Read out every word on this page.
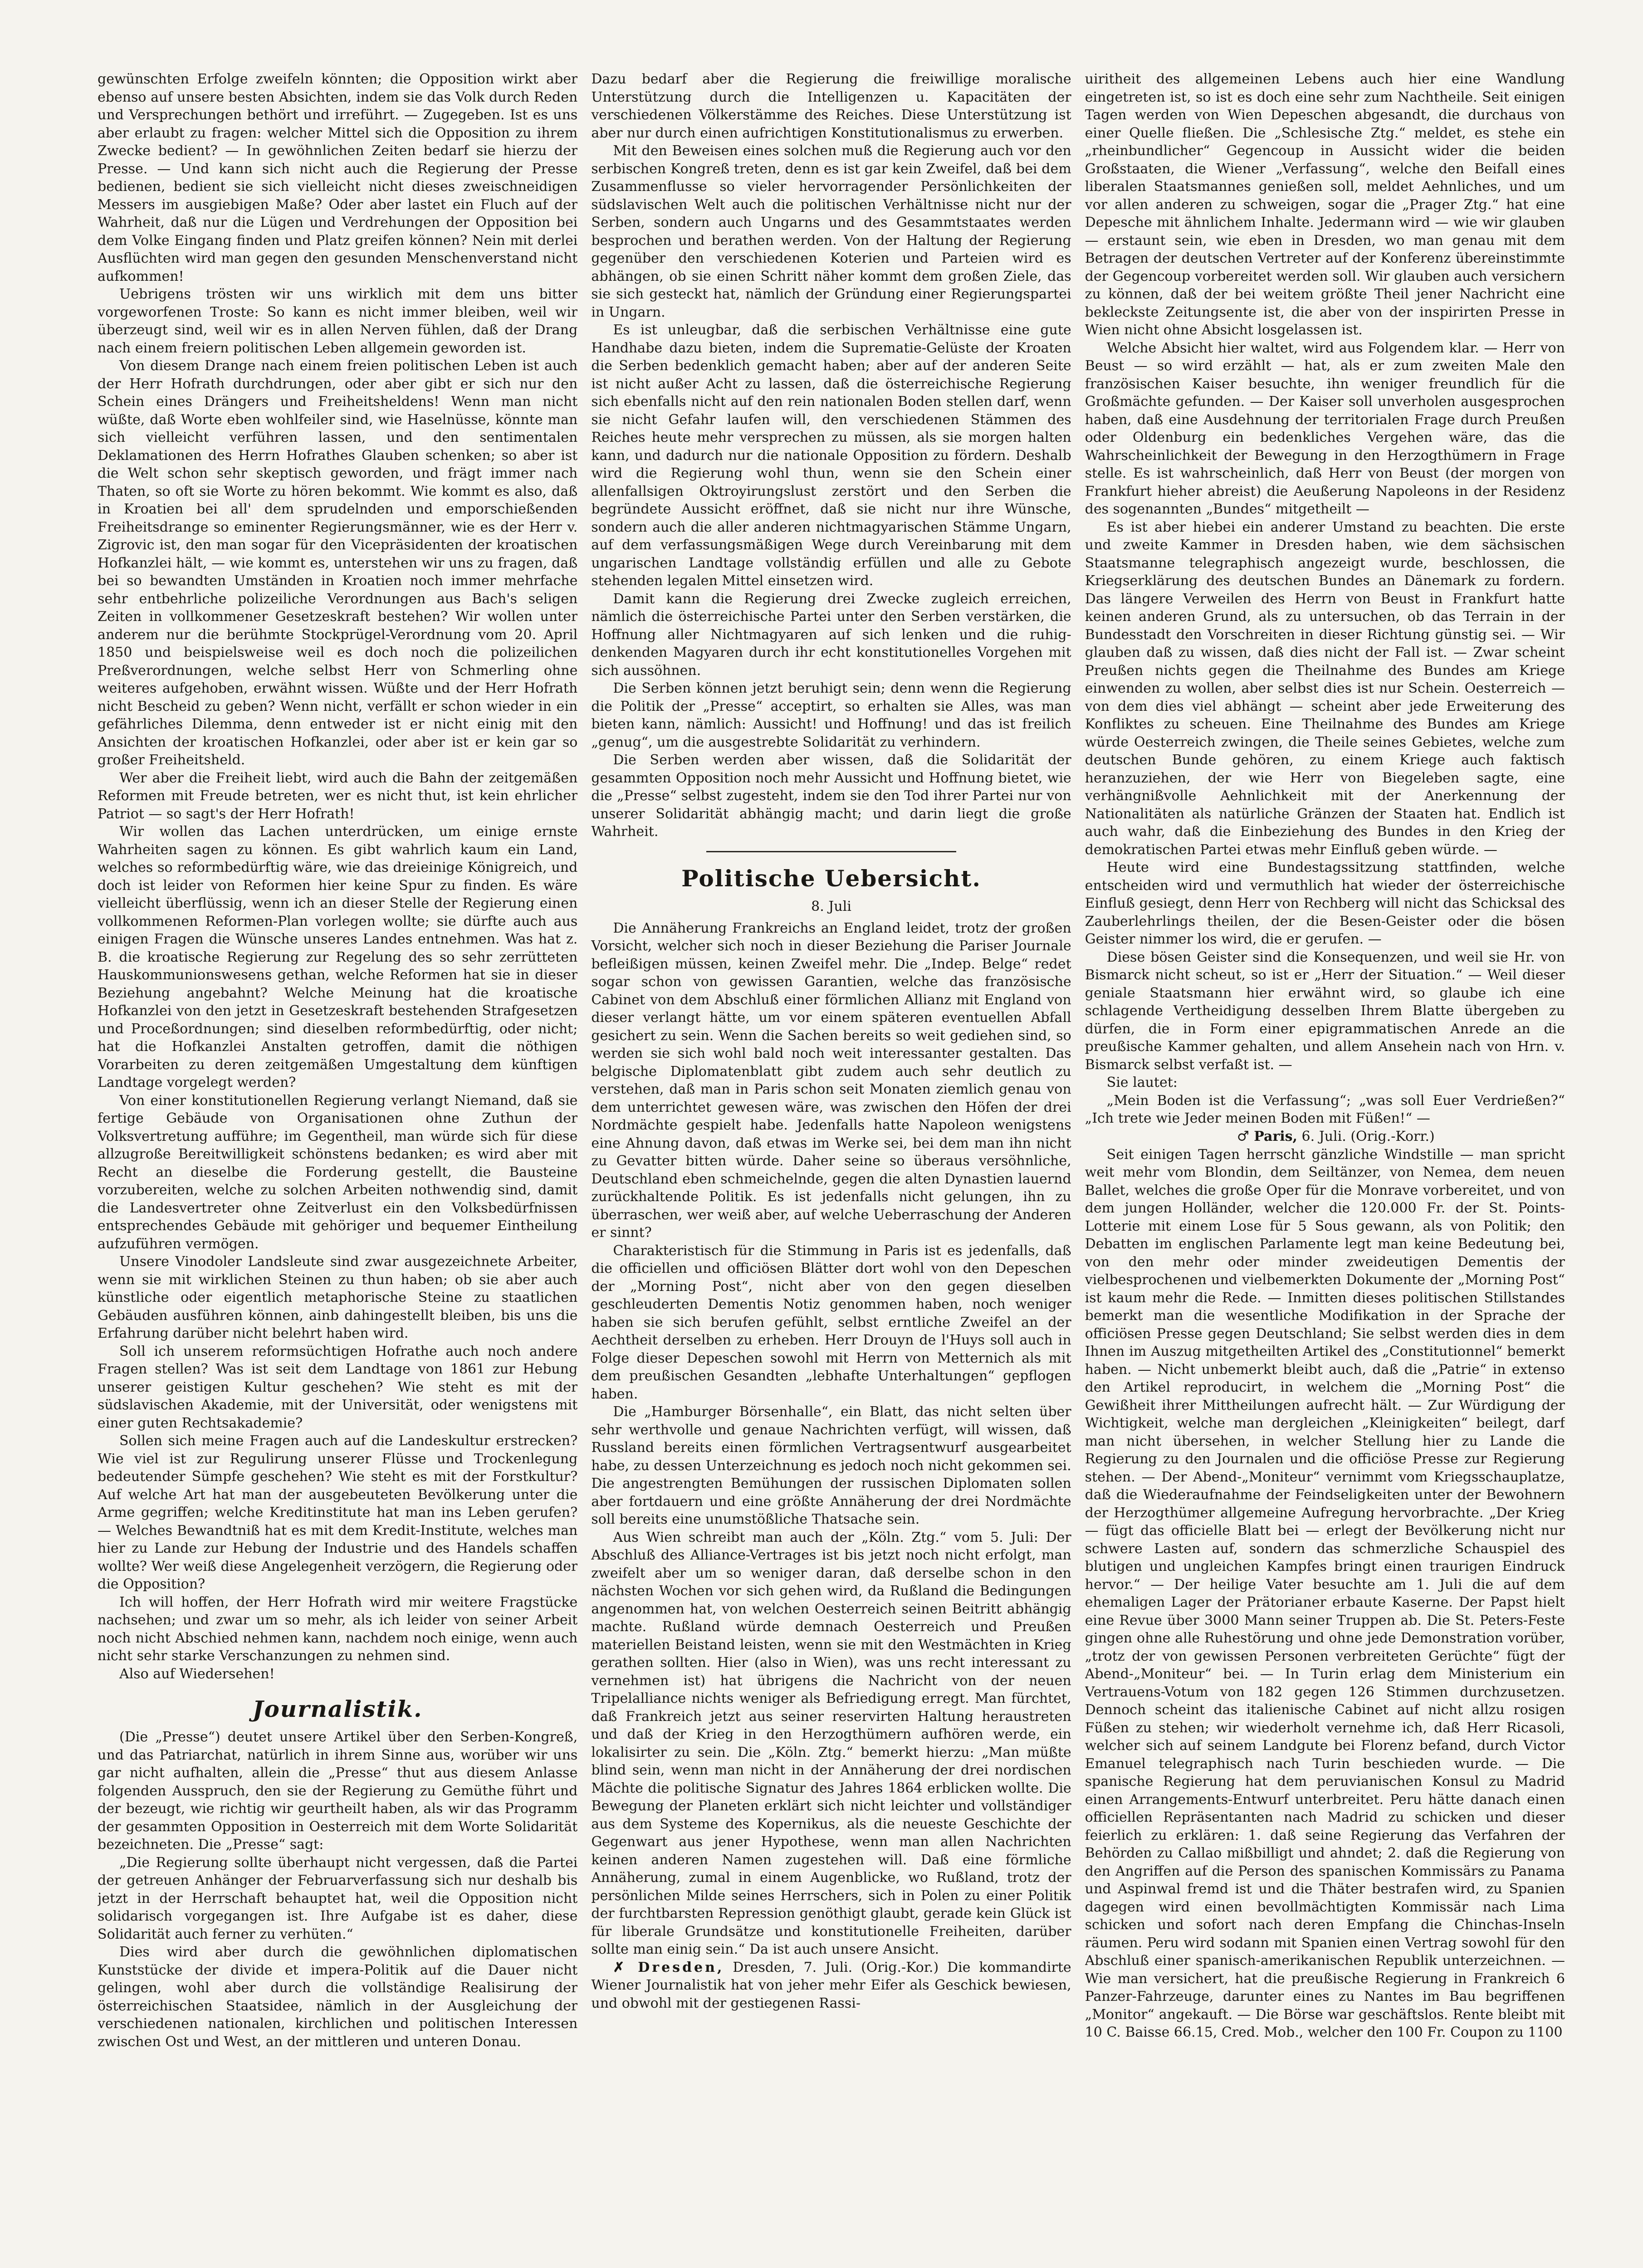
gewünschten Erfolge zweifeln könnten; die Opposition wirkt aber ebenso auf unsere besten Absichten, indem sie das Volk durch Reden und Versprechungen bethört und irreführt. — Zugegeben. Ist es uns aber erlaubt zu fragen: welcher Mittel sich die Opposition zu ihrem Zwecke bedient? — In gewöhnlichen Zeiten bedarf sie hierzu der Presse. — Und kann sich nicht auch die Regierung der Presse bedienen, bedient sie sich vielleicht nicht dieses zweischneidigen Messers im ausgiebigen Maße? Oder aber lastet ein Fluch auf der Wahrheit, daß nur die Lügen und Verdrehungen der Opposition bei dem Volke Eingang finden und Platz greifen können? Nein mit derlei Ausflüchten wird man gegen den gesunden Menschenverstand nicht aufkommen!

Uebrigens trösten wir uns wirklich mit dem uns bitter vorgeworfenen Troste: So kann es nicht immer bleiben, weil wir überzeugt sind, weil wir es in allen Nerven fühlen, daß der Drang nach einem freiern politischen Leben allgemein geworden ist.

Von diesem Drange nach einem freien politischen Leben ist auch der Herr Hofrath durchdrungen, oder aber gibt er sich nur den Schein eines Drängers und Freiheitsheldens! Wenn man nicht wüßte, daß Worte eben wohlfeiler sind, wie Haselnüsse, könnte man sich vielleicht verführen lassen, und den sentimentalen Deklamationen des Herrn Hofrathes Glauben schenken; so aber ist die Welt schon sehr skeptisch geworden, und frägt immer nach Thaten, so oft sie Worte zu hören bekommt. Wie kommt es also, daß in Kroatien bei all' dem sprudelnden und emporschießenden Freiheitsdrange so eminenter Regierungsmänner, wie es der Herr v. Zigrovic ist, den man sogar für den Vicepräsidenten der kroatischen Hofkanzlei hält, — wie kommt es, unterstehen wir uns zu fragen, daß bei so bewandten Umständen in Kroatien noch immer mehrfache sehr entbehrliche polizeiliche Verordnungen aus Bach's seligen Zeiten in vollkommener Gesetzeskraft bestehen? Wir wollen unter anderem nur die berühmte Stockprügel-Verordnung vom 20. April 1850 und beispielsweise weil es doch noch die polizeilichen Preßverordnungen, welche selbst Herr von Schmerling ohne weiteres aufgehoben, erwähnt wissen. Wüßte und der Herr Hofrath nicht Bescheid zu geben? Wenn nicht, verfällt er schon wieder in ein gefährliches Dilemma, denn entweder ist er nicht einig mit den Ansichten der kroatischen Hofkanzlei, oder aber ist er kein gar so großer Freiheitsheld.

Wer aber die Freiheit liebt, wird auch die Bahn der zeitgemäßen Reformen mit Freude betreten, wer es nicht thut, ist kein ehrlicher Patriot — so sagt's der Herr Hofrath!

Wir wollen das Lachen unterdrücken, um einige ernste Wahrheiten sagen zu können. Es gibt wahrlich kaum ein Land, welches so reformbedürftig wäre, wie das dreieinige Königreich, und doch ist leider von Reformen hier keine Spur zu finden. Es wäre vielleicht überflüssig, wenn ich an dieser Stelle der Regierung einen vollkommenen Reformen-Plan vorlegen wollte; sie dürfte auch aus einigen Fragen die Wünsche unseres Landes entnehmen. Was hat z. B. die kroatische Regierung zur Regelung des so sehr zerrütteten Hauskommunionswesens gethan, welche Reformen hat sie in dieser Beziehung angebahnt? Welche Meinung hat die kroatische Hofkanzlei von den jetzt in Gesetzeskraft bestehenden Strafgesetzen und Proceßordnungen; sind dieselben reformbedürftig, oder nicht; hat die Hofkanzlei Anstalten getroffen, damit die nöthigen Vorarbeiten zu deren zeitgemäßen Umgestaltung dem künftigen Landtage vorgelegt werden?

Von einer konstitutionellen Regierung verlangt Niemand, daß sie fertige Gebäude von Organisationen ohne Zuthun der Volksvertretung aufführe; im Gegentheil, man würde sich für diese allzugroße Bereitwilligkeit schönstens bedanken; es wird aber mit Recht an dieselbe die Forderung gestellt, die Bausteine vorzubereiten, welche zu solchen Arbeiten nothwendig sind, damit die Landesvertreter ohne Zeitverlust ein den Volksbedürfnissen entsprechendes Gebäude mit gehöriger und bequemer Eintheilung aufzuführen vermögen.

Unsere Vinodoler Landsleute sind zwar ausgezeichnete Arbeiter, wenn sie mit wirklichen Steinen zu thun haben; ob sie aber auch künstliche oder eigentlich metaphorische Steine zu staatlichen Gebäuden ausführen können, ainb dahingestellt bleiben, bis uns die Erfahrung darüber nicht belehrt haben wird.

Soll ich unserem reformsüchtigen Hofrathe auch noch andere Fragen stellen? Was ist seit dem Landtage von 1861 zur Hebung unserer geistigen Kultur geschehen? Wie steht es mit der südslavischen Akademie, mit der Universität, oder wenigstens mit einer guten Rechtsakademie?

Sollen sich meine Fragen auch auf die Landeskultur erstrecken? Wie viel ist zur Regulirung unserer Flüsse und Trockenlegung bedeutender Sümpfe geschehen? Wie steht es mit der Forstkultur? Auf welche Art hat man der ausgebeuteten Bevölkerung unter die Arme gegriffen; welche Kreditinstitute hat man ins Leben gerufen? — Welches Bewandtniß hat es mit dem Kredit-Institute, welches man hier zu Lande zur Hebung der Industrie und des Handels schaffen wollte? Wer weiß diese Angelegenheit verzögern, die Regierung oder die Opposition?

Ich will hoffen, der Herr Hofrath wird mir weitere Fragstücke nachsehen; und zwar um so mehr, als ich leider von seiner Arbeit noch nicht Abschied nehmen kann, nachdem noch einige, wenn auch nicht sehr starke Verschanzungen zu nehmen sind.

Also auf Wiedersehen!

Journalistik.

(Die „Presse“) deutet unsere Artikel über den Serben-Kongreß, und das Patriarchat, natürlich in ihrem Sinne aus, worüber wir uns gar nicht aufhalten, allein die „Presse“ thut aus diesem Anlasse folgenden Ausspruch, den sie der Regierung zu Gemüthe führt und der bezeugt, wie richtig wir geurtheilt haben, als wir das Programm der gesammten Opposition in Oesterreich mit dem Worte Solidarität bezeichneten. Die „Presse“ sagt:

„Die Regierung sollte überhaupt nicht vergessen, daß die Partei der getreuen Anhänger der Februarverfassung sich nur deshalb bis jetzt in der Herrschaft behauptet hat, weil die Opposition nicht solidarisch vorgegangen ist. Ihre Aufgabe ist es daher, diese Solidarität auch ferner zu verhüten.“

Dies wird aber durch die gewöhnlichen diplomatischen Kunststücke der divide et impera-Politik auf die Dauer nicht gelingen, wohl aber durch die vollständige Realisirung der österreichischen Staatsidee, nämlich in der Ausgleichung der verschiedenen nationalen, kirchlichen und politischen Interessen zwischen Ost und West, an der mittleren und unteren Donau.

Dazu bedarf aber die Regierung die freiwillige moralische Unterstützung durch die Intelligenzen u. Kapacitäten der verschiedenen Völkerstämme des Reiches. Diese Unterstützung ist aber nur durch einen aufrichtigen Konstitutionalismus zu erwerben.

Mit den Beweisen eines solchen muß die Regierung auch vor den serbischen Kongreß treten, denn es ist gar kein Zweifel, daß bei dem Zusammenflusse so vieler hervorragender Persönlichkeiten der südslavischen Welt auch die politischen Verhältnisse nicht nur der Serben, sondern auch Ungarns und des Gesammtstaates werden besprochen und berathen werden. Von der Haltung der Regierung gegenüber den verschiedenen Koterien und Parteien wird es abhängen, ob sie einen Schritt näher kommt dem großen Ziele, das sie sich gesteckt hat, nämlich der Gründung einer Regierungspartei in Ungarn.

Es ist unleugbar, daß die serbischen Verhältnisse eine gute Handhabe dazu bieten, indem die Suprematie-Gelüste der Kroaten die Serben bedenklich gemacht haben; aber auf der anderen Seite ist nicht außer Acht zu lassen, daß die österreichische Regierung sich ebenfalls nicht auf den rein nationalen Boden stellen darf, wenn sie nicht Gefahr laufen will, den verschiedenen Stämmen des Reiches heute mehr versprechen zu müssen, als sie morgen halten kann, und dadurch nur die nationale Opposition zu fördern. Deshalb wird die Regierung wohl thun, wenn sie den Schein einer allenfallsigen Oktroyirungslust zerstört und den Serben die begründete Aussicht eröffnet, daß sie nicht nur ihre Wünsche, sondern auch die aller anderen nichtmagyarischen Stämme Ungarn, auf dem verfassungsmäßigen Wege durch Vereinbarung mit dem ungarischen Landtage vollständig erfüllen und alle zu Gebote stehenden legalen Mittel einsetzen wird.

Damit kann die Regierung drei Zwecke zugleich erreichen, nämlich die österreichische Partei unter den Serben verstärken, die Hoffnung aller Nichtmagyaren auf sich lenken und die ruhig-denkenden Magyaren durch ihr echt konstitutionelles Vorgehen mit sich aussöhnen.

Die Serben können jetzt beruhigt sein; denn wenn die Regierung die Politik der „Presse“ acceptirt, so erhalten sie Alles, was man bieten kann, nämlich: Aussicht! und Hoffnung! und das ist freilich „genug“, um die ausgestrebte Solidarität zu verhindern.

Die Serben werden aber wissen, daß die Solidarität der gesammten Opposition noch mehr Aussicht und Hoffnung bietet, wie die „Presse“ selbst zugesteht, indem sie den Tod ihrer Partei nur von unserer Solidarität abhängig macht; und darin liegt die große Wahrheit.

Politische Uebersicht.
8. Juli

Die Annäherung Frankreichs an England leidet, trotz der großen Vorsicht, welcher sich noch in dieser Beziehung die Pariser Journale befleißigen müssen, keinen Zweifel mehr. Die „Indep. Belge“ redet sogar schon von gewissen Garantien, welche das französische Cabinet von dem Abschluß einer förmlichen Allianz mit England von dieser verlangt hätte, um vor einem späteren eventuellen Abfall gesichert zu sein. Wenn die Sachen bereits so weit gediehen sind, so werden sie sich wohl bald noch weit interessanter gestalten. Das belgische Diplomatenblatt gibt zudem auch sehr deutlich zu verstehen, daß man in Paris schon seit Monaten ziemlich genau von dem unterrichtet gewesen wäre, was zwischen den Höfen der drei Nordmächte gespielt habe. Jedenfalls hatte Napoleon wenigstens eine Ahnung davon, daß etwas im Werke sei, bei dem man ihn nicht zu Gevatter bitten würde. Daher seine so überaus versöhnliche, Deutschland eben schmeichelnde, gegen die alten Dynastien lauernd zurückhaltende Politik. Es ist jedenfalls nicht gelungen, ihn zu überraschen, wer weiß aber, auf welche Ueberraschung der Anderen er sinnt?

Charakteristisch für die Stimmung in Paris ist es jedenfalls, daß die officiellen und officiösen Blätter dort wohl von den Depeschen der „Morning Post“, nicht aber von den gegen dieselben geschleuderten Dementis Notiz genommen haben, noch weniger haben sie sich berufen gefühlt, selbst erntliche Zweifel an der Aechtheit derselben zu erheben. Herr Drouyn de l'Huys soll auch in Folge dieser Depeschen sowohl mit Herrn von Metternich als mit dem preußischen Gesandten „lebhafte Unterhaltungen“ gepflogen haben.

Die „Hamburger Börsenhalle“, ein Blatt, das nicht selten über sehr werthvolle und genaue Nachrichten verfügt, will wissen, daß Russland bereits einen förmlichen Vertragsentwurf ausgearbeitet habe, zu dessen Unterzeichnung es jedoch noch nicht gekommen sei. Die angestrengten Bemühungen der russischen Diplomaten sollen aber fortdauern und eine größte Annäherung der drei Nordmächte soll bereits eine unumstößliche Thatsache sein.

Aus Wien schreibt man auch der „Köln. Ztg.“ vom 5. Juli: Der Abschluß des Alliance-Vertrages ist bis jetzt noch nicht erfolgt, man zweifelt aber um so weniger daran, daß derselbe schon in den nächsten Wochen vor sich gehen wird, da Rußland die Bedingungen angenommen hat, von welchen Oesterreich seinen Beitritt abhängig machte. Rußland würde demnach Oesterreich und Preußen materiellen Beistand leisten, wenn sie mit den Westmächten in Krieg gerathen sollten. Hier (also in Wien), was uns recht interessant zu vernehmen ist) hat übrigens die Nachricht von der neuen Tripelalliance nichts weniger als Befriedigung erregt. Man fürchtet, daß Frankreich jetzt aus seiner reservirten Haltung heraustreten und daß der Krieg in den Herzogthümern aufhören werde, ein lokalisirter zu sein. Die „Köln. Ztg.“ bemerkt hierzu: „Man müßte blind sein, wenn man nicht in der Annäherung der drei nordischen Mächte die politische Signatur des Jahres 1864 erblicken wollte. Die Bewegung der Planeten erklärt sich nicht leichter und vollständiger aus dem Systeme des Kopernikus, als die neueste Geschichte der Gegenwart aus jener Hypothese, wenn man allen Nachrichten keinen anderen Namen zugestehen will. Daß eine förmliche Annäherung, zumal in einem Augenblicke, wo Rußland, trotz der persönlichen Milde seines Herrschers, sich in Polen zu einer Politik der furchtbarsten Repression genöthigt glaubt, gerade kein Glück ist für liberale Grundsätze und konstitutionelle Freiheiten, darüber sollte man einig sein.“ Da ist auch unsere Ansicht.

✗ Dresden, Dresden, 7. Juli. (Orig.-Kor.) Die kommandirte Wiener Journalistik hat von jeher mehr Eifer als Geschick bewiesen, und obwohl mit der gestiegenen Rassi-

uiritheit des allgemeinen Lebens auch hier eine Wandlung eingetreten ist, so ist es doch eine sehr zum Nachtheile. Seit einigen Tagen werden von Wien Depeschen abgesandt, die durchaus von einer Quelle fließen. Die „Schlesische Ztg.“ meldet, es stehe ein „rheinbundlicher“ Gegencoup in Aussicht wider die beiden Großstaaten, die Wiener „Verfassung“, welche den Beifall eines liberalen Staatsmannes genießen soll, meldet Aehnliches, und um vor allen anderen zu schweigen, sogar die „Prager Ztg.“ hat eine Depesche mit ähnlichem Inhalte. Jedermann wird — wie wir glauben — erstaunt sein, wie eben in Dresden, wo man genau mit dem Betragen der deutschen Vertreter auf der Konferenz übereinstimmte der Gegencoup vorbereitet werden soll. Wir glauben auch versichern zu können, daß der bei weitem größte Theil jener Nachricht eine bekleckste Zeitungsente ist, die aber von der inspirirten Presse in Wien nicht ohne Absicht losgelassen ist.

Welche Absicht hier waltet, wird aus Folgendem klar. — Herr von Beust — so wird erzählt — hat, als er zum zweiten Male den französischen Kaiser besuchte, ihn weniger freundlich für die Großmächte gefunden. — Der Kaiser soll unverholen ausgesprochen haben, daß eine Ausdehnung der territorialen Frage durch Preußen oder Oldenburg ein bedenkliches Vergehen wäre, das die Wahrscheinlichkeit der Bewegung in den Herzogthümern in Frage stelle. Es ist wahrscheinlich, daß Herr von Beust (der morgen von Frankfurt hieher abreist) die Aeußerung Napoleons in der Residenz des sogenannten „Bundes“ mitgetheilt —

Es ist aber hiebei ein anderer Umstand zu beachten. Die erste und zweite Kammer in Dresden haben, wie dem sächsischen Staatsmanne telegraphisch angezeigt wurde, beschlossen, die Kriegserklärung des deutschen Bundes an Dänemark zu fordern. Das längere Verweilen des Herrn von Beust in Frankfurt hatte keinen anderen Grund, als zu untersuchen, ob das Terrain in der Bundesstadt den Vorschreiten in dieser Richtung günstig sei. — Wir glauben daß zu wissen, daß dies nicht der Fall ist. — Zwar scheint Preußen nichts gegen die Theilnahme des Bundes am Kriege einwenden zu wollen, aber selbst dies ist nur Schein. Oesterreich — von dem dies viel abhängt — scheint aber jede Erweiterung des Konfliktes zu scheuen. Eine Theilnahme des Bundes am Kriege würde Oesterreich zwingen, die Theile seines Gebietes, welche zum deutschen Bunde gehören, zu einem Kriege auch faktisch heranzuziehen, der wie Herr von Biegeleben sagte, eine verhängnißvolle Aehnlichkeit mit der Anerkennung der Nationalitäten als natürliche Gränzen der Staaten hat. Endlich ist auch wahr, daß die Einbeziehung des Bundes in den Krieg der demokratischen Partei etwas mehr Einfluß geben würde. —

Heute wird eine Bundestagssitzung stattfinden, welche entscheiden wird und vermuthlich hat wieder der österreichische Einfluß gesiegt, denn Herr von Rechberg will nicht das Schicksal des Zauberlehrlings theilen, der die Besen-Geister oder die bösen Geister nimmer los wird, die er gerufen. —

Diese bösen Geister sind die Konsequenzen, und weil sie Hr. von Bismarck nicht scheut, so ist er „Herr der Situation.“ — Weil dieser geniale Staatsmann hier erwähnt wird, so glaube ich eine schlagende Vertheidigung desselben Ihrem Blatte übergeben zu dürfen, die in Form einer epigrammatischen Anrede an die preußische Kammer gehalten, und allem Ansehein nach von Hrn. v. Bismarck selbst verfaßt ist. —

Sie lautet:

„Mein Boden ist die Verfassung“; „was soll Euer Verdrießen?“ „Ich trete wie Jeder meinen Boden mit Füßen!“ —

♂ Paris, 6. Juli. (Orig.-Korr.)

Seit einigen Tagen herrscht gänzliche Windstille — man spricht weit mehr vom Blondin, dem Seiltänzer, von Nemea, dem neuen Ballet, welches die große Oper für die Monrave vorbereitet, und von dem jungen Holländer, welcher die 120.000 Fr. der St. Points-Lotterie mit einem Lose für 5 Sous gewann, als von Politik; den Debatten im englischen Parlamente legt man keine Bedeutung bei, von den mehr oder minder zweideutigen Dementis der vielbesprochenen und vielbemerkten Dokumente der „Morning Post“ ist kaum mehr die Rede. — Inmitten dieses politischen Stillstandes bemerkt man die wesentliche Modifikation in der Sprache der officiösen Presse gegen Deutschland; Sie selbst werden dies in dem Ihnen im Auszug mitgetheilten Artikel des „Constitutionnel“ bemerkt haben. — Nicht unbemerkt bleibt auch, daß die „Patrie“ in extenso den Artikel reproducirt, in welchem die „Morning Post“ die Gewißheit ihrer Mittheilungen aufrecht hält. — Zur Würdigung der Wichtigkeit, welche man dergleichen „Kleinigkeiten“ beilegt, darf man nicht übersehen, in welcher Stellung hier zu Lande die Regierung zu den Journalen und die officiöse Presse zur Regierung stehen. — Der Abend-„Moniteur“ vernimmt vom Kriegsschauplatze, daß die Wiederaufnahme der Feindseligkeiten unter der Bewohnern der Herzogthümer allgemeine Aufregung hervorbrachte. „Der Krieg — fügt das officielle Blatt bei — erlegt der Bevölkerung nicht nur schwere Lasten auf, sondern das schmerzliche Schauspiel des blutigen und ungleichen Kampfes bringt einen traurigen Eindruck hervor.“ — Der heilige Vater besuchte am 1. Juli die auf dem ehemaligen Lager der Prätorianer erbaute Kaserne. Der Papst hielt eine Revue über 3000 Mann seiner Truppen ab. Die St. Peters-Feste gingen ohne alle Ruhestörung und ohne jede Demonstration vorüber, „trotz der von gewissen Personen verbreiteten Gerüchte“ fügt der Abend-„Moniteur“ bei. — In Turin erlag dem Ministerium ein Vertrauens-Votum von 182 gegen 126 Stimmen durchzusetzen. Dennoch scheint das italienische Cabinet auf nicht allzu rosigen Füßen zu stehen; wir wiederholt vernehme ich, daß Herr Ricasoli, welcher sich auf seinem Landgute bei Florenz befand, durch Victor Emanuel telegraphisch nach Turin beschieden wurde. — Die spanische Regierung hat dem peruvianischen Konsul zu Madrid einen Arrangements-Entwurf unterbreitet. Peru hätte danach einen officiellen Repräsentanten nach Madrid zu schicken und dieser feierlich zu erklären: 1. daß seine Regierung das Verfahren der Behörden zu Callao mißbilligt und ahndet; 2. daß die Regierung von den Angriffen auf die Person des spanischen Kommissärs zu Panama und Aspinwal fremd ist und die Thäter bestrafen wird, zu Spanien dagegen wird einen bevollmächtigten Kommissär nach Lima schicken und sofort nach deren Empfang die Chinchas-Inseln räumen. Peru wird sodann mit Spanien einen Vertrag sowohl für den Abschluß einer spanisch-amerikanischen Republik unterzeichnen. — Wie man versichert, hat die preußische Regierung in Frankreich 6 Panzer-Fahrzeuge, darunter eines zu Nantes im Bau begriffenen „Monitor“ angekauft. — Die Börse war geschäftslos. Rente bleibt mit 10 C. Baisse 66.15, Cred. Mob., welcher den 100 Fr. Coupon zu 1100
